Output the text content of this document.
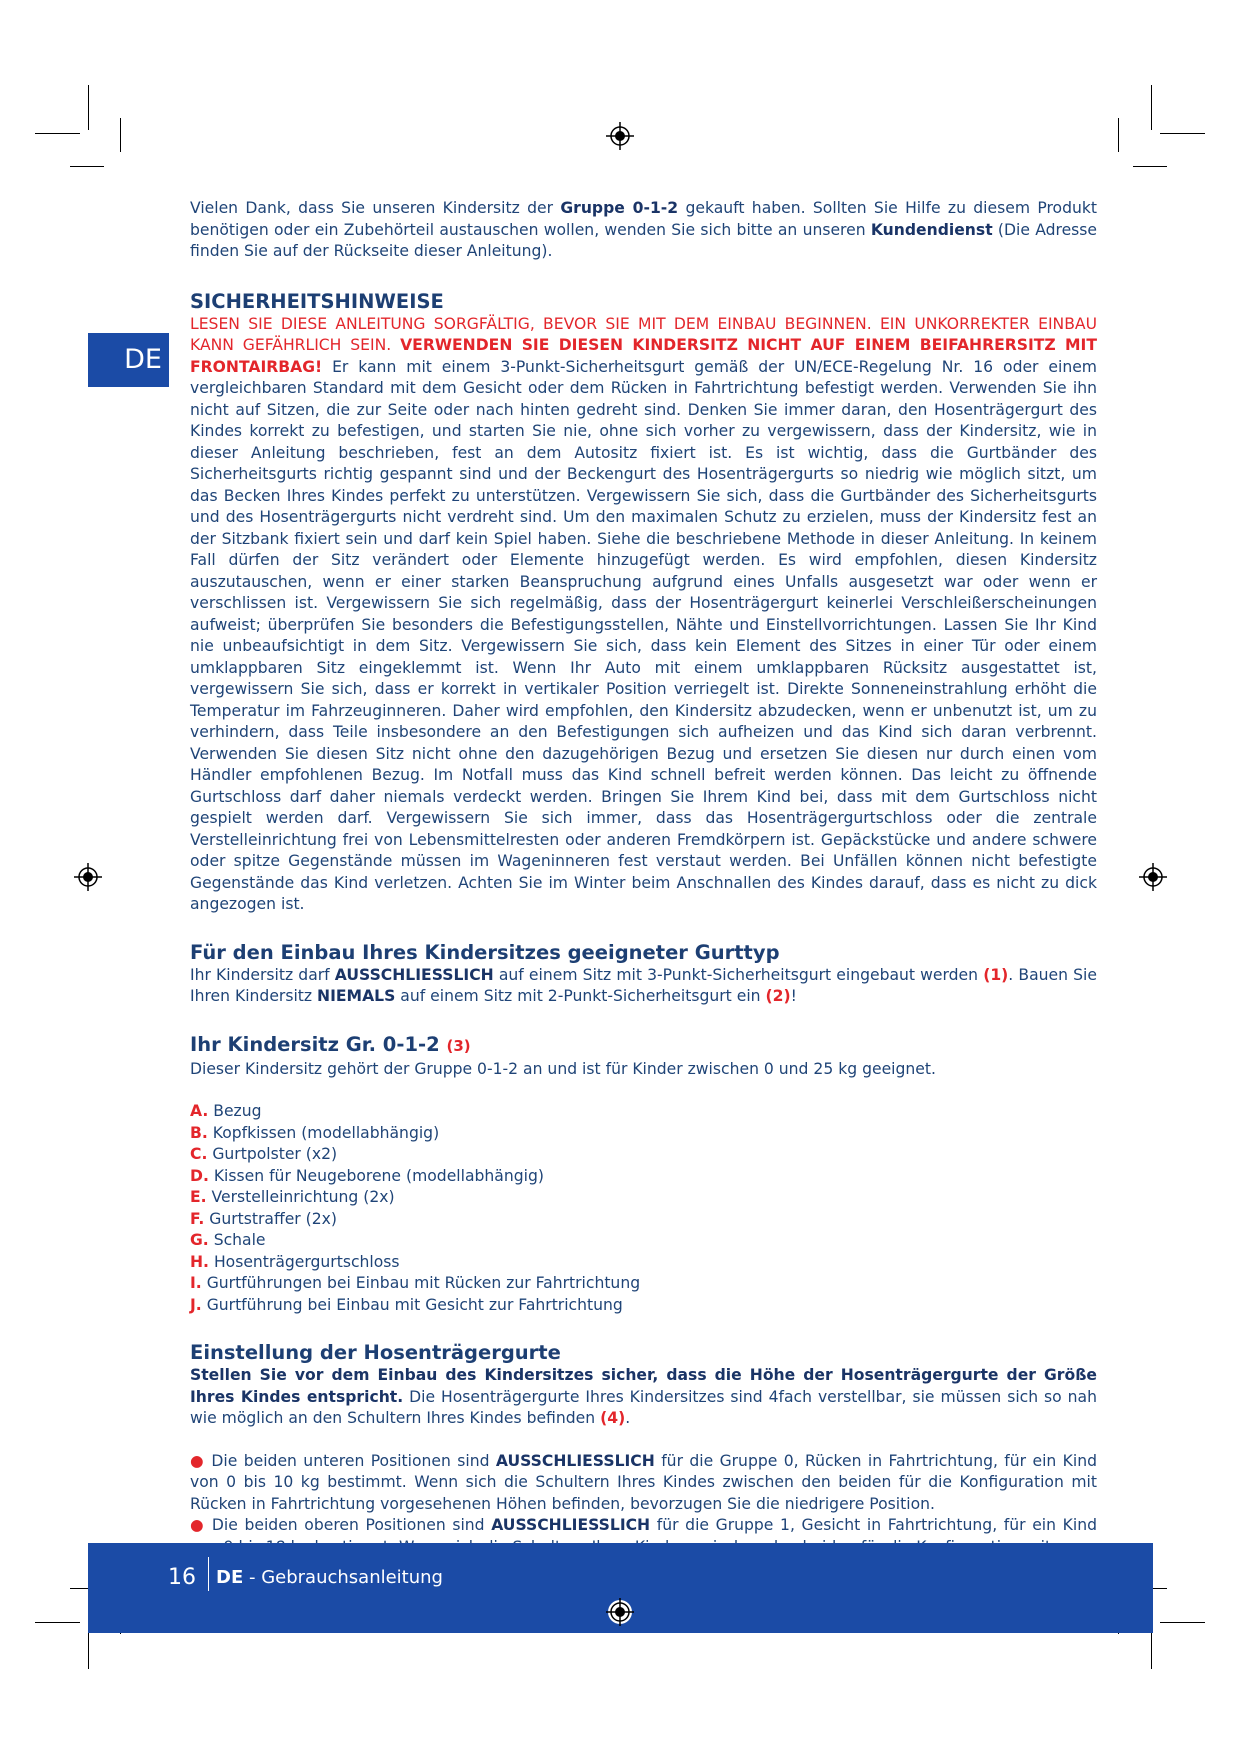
DE

Vielen Dank, dass Sie unseren Kindersitz der Gruppe 0-1-2 gekauft haben. Sollten Sie Hilfe zu diesem Produkt benötigen oder ein Zubehörteil austauschen wollen, wenden Sie sich bitte an unseren Kundendienst (Die Adresse finden Sie auf der Rückseite dieser Anleitung).

SICHERHEITSHINWEISE

LESEN SIE DIESE ANLEITUNG SORGFÄLTIG, BEVOR SIE MIT DEM EINBAU BEGINNEN. EIN UNKORREKTER EINBAU KANN GEFÄHRLICH SEIN. VERWENDEN SIE DIESEN KINDERSITZ NICHT AUF EINEM BEIFAHRERSITZ MIT FRONTAIRBAG! Er kann mit einem 3-Punkt-Sicherheitsgurt gemäß der UN/ECE-Regelung Nr. 16 oder einem vergleichbaren Standard mit dem Gesicht oder dem Rücken in Fahrtrichtung befestigt werden. Verwenden Sie ihn nicht auf Sitzen, die zur Seite oder nach hinten gedreht sind. Denken Sie immer daran, den Hosenträgergurt des Kindes korrekt zu befestigen, und starten Sie nie, ohne sich vorher zu vergewissern, dass der Kindersitz, wie in dieser Anleitung beschrieben, fest an dem Autositz fixiert ist. Es ist wichtig, dass die Gurtbänder des Sicherheitsgurts richtig gespannt sind und der Beckengurt des Hosenträgergurts so niedrig wie möglich sitzt, um das Becken Ihres Kindes perfekt zu unterstützen. Vergewissern Sie sich, dass die Gurtbänder des Sicherheitsgurts und des Hosenträgergurts nicht verdreht sind. Um den maximalen Schutz zu erzielen, muss der Kindersitz fest an der Sitzbank fixiert sein und darf kein Spiel haben. Siehe die beschriebene Methode in dieser Anleitung. In keinem Fall dürfen der Sitz verändert oder Elemente hinzugefügt werden. Es wird empfohlen, diesen Kindersitz auszutauschen, wenn er einer starken Beanspruchung aufgrund eines Unfalls ausgesetzt war oder wenn er verschlissen ist. Vergewissern Sie sich regelmäßig, dass der Hosenträgergurt keinerlei Verschleißerscheinungen aufweist; überprüfen Sie besonders die Befestigungsstellen, Nähte und Einstellvorrichtungen. Lassen Sie Ihr Kind nie unbeaufsichtigt in dem Sitz. Vergewissern Sie sich, dass kein Element des Sitzes in einer Tür oder einem umklappbaren Sitz eingeklemmt ist. Wenn Ihr Auto mit einem umklappbaren Rücksitz ausgestattet ist, vergewissern Sie sich, dass er korrekt in vertikaler Position verriegelt ist. Direkte Sonneneinstrahlung erhöht die Temperatur im Fahrzeuginneren. Daher wird empfohlen, den Kindersitz abzudecken, wenn er unbenutzt ist, um zu verhindern, dass Teile insbesondere an den Befestigungen sich aufheizen und das Kind sich daran verbrennt. Verwenden Sie diesen Sitz nicht ohne den dazugehörigen Bezug und ersetzen Sie diesen nur durch einen vom Händler empfohlenen Bezug. Im Notfall muss das Kind schnell befreit werden können. Das leicht zu öffnende Gurtschloss darf daher niemals verdeckt werden. Bringen Sie Ihrem Kind bei, dass mit dem Gurtschloss nicht gespielt werden darf. Vergewissern Sie sich immer, dass das Hosenträgergurtschloss oder die zentrale Verstelleinrichtung frei von Lebensmittelresten oder anderen Fremdkörpern ist. Gepäckstücke und andere schwere oder spitze Gegenstände müssen im Wageninneren fest verstaut werden. Bei Unfällen können nicht befestigte Gegenstände das Kind verletzen. Achten Sie im Winter beim Anschnallen des Kindes darauf, dass es nicht zu dick angezogen ist.

Für den Einbau Ihres Kindersitzes geeigneter Gurttyp

Ihr Kindersitz darf AUSSCHLIESSLICH auf einem Sitz mit 3-Punkt-Sicherheitsgurt eingebaut werden (1). Bauen Sie Ihren Kindersitz NIEMALS auf einem Sitz mit 2-Punkt-Sicherheitsgurt ein (2)!

Ihr Kindersitz Gr. 0-1-2 (3)

Dieser Kindersitz gehört der Gruppe 0-1-2 an und ist für Kinder zwischen 0 und 25 kg geeignet.

A. Bezug
B. Kopfkissen (modellabhängig)
C. Gurtpolster (x2)
D. Kissen für Neugeborene (modellabhängig)
E. Verstelleinrichtung (2x)
F. Gurtstraffer (2x)
G. Schale
H. Hosenträgergurtschloss
I. Gurtführungen bei Einbau mit Rücken zur Fahrtrichtung
J. Gurtführung bei Einbau mit Gesicht zur Fahrtrichtung
Einstellung der Hosenträgergurte

Stellen Sie vor dem Einbau des Kindersitzes sicher, dass die Höhe der Hosenträgergurte der Größe Ihres Kindes entspricht. Die Hosenträgergurte Ihres Kindersitzes sind 4fach verstellbar, sie müssen sich so nah wie möglich an den Schultern Ihres Kindes befinden (4).

● Die beiden unteren Positionen sind AUSSCHLIESSLICH für die Gruppe 0, Rücken in Fahrtrichtung, für ein Kind von 0 bis 10 kg bestimmt. Wenn sich die Schultern Ihres Kindes zwischen den beiden für die Konfiguration mit Rücken in Fahrtrichtung vorgesehenen Höhen befinden, bevorzugen Sie die niedrigere Position.

● Die beiden oberen Positionen sind AUSSCHLIESSLICH für die Gruppe 1, Gesicht in Fahrtrichtung, für ein Kind

16 DE - Gebrauchsanleitung
